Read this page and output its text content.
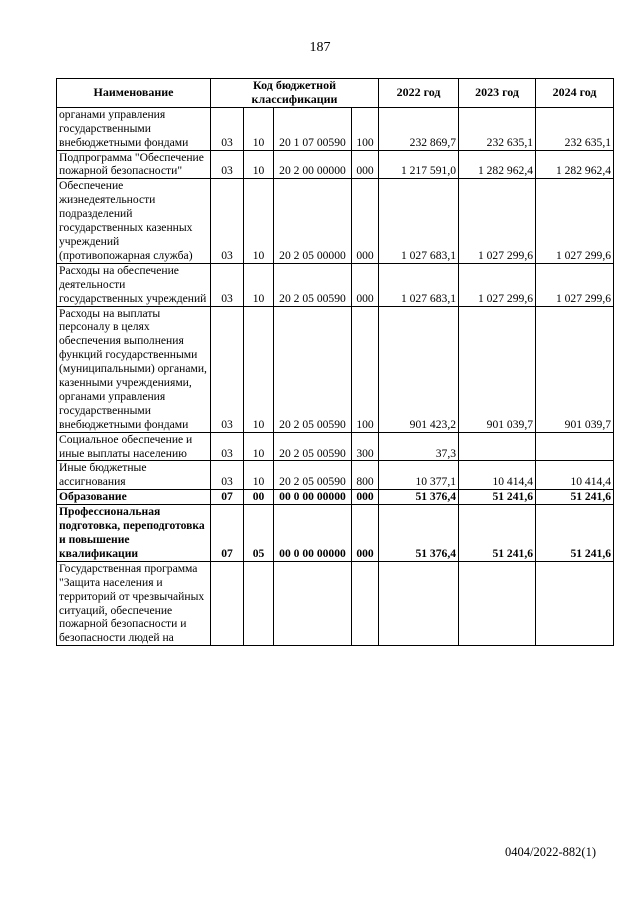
187
Наименование	Код бюджетной классификации				2022 год	2023 год	2024 год
органами управления государственными внебюджетными фондами	03	10	20 1 07 00590	100	232 869,7	232 635,1	232 635,1
Подпрограмма "Обеспечение пожарной безопасности"	03	10	20 2 00 00000	000	1 217 591,0	1 282 962,4	1 282 962,4
Обеспечение жизнедеятельности подразделений государственных казенных учреждений (противопожарная служба)	03	10	20 2 05 00000	000	1 027 683,1	1 027 299,6	1 027 299,6
Расходы на обеспечение деятельности государственных учреждений	03	10	20 2 05 00590	000	1 027 683,1	1 027 299,6	1 027 299,6
Расходы на выплаты персоналу в целях обеспечения выполнения функций государственными (муниципальными) органами, казенными учреждениями, органами управления государственными внебюджетными фондами	03	10	20 2 05 00590	100	901 423,2	901 039,7	901 039,7
Социальное обеспечение и иные выплаты населению	03	10	20 2 05 00590	300	37,3		
Иные бюджетные ассигнования	03	10	20 2 05 00590	800	10 377,1	10 414,4	10 414,4
Образование	07	00	00 0 00 00000	000	51 376,4	51 241,6	51 241,6
Профессиональная подготовка, переподготовка и повышение квалификации	07	05	00 0 00 00000	000	51 376,4	51 241,6	51 241,6
Государственная программа "Защита населения и территорий от чрезвычайных ситуаций, обеспечение пожарной безопасности и безопасности людей на							
0404/2022-882(1)
